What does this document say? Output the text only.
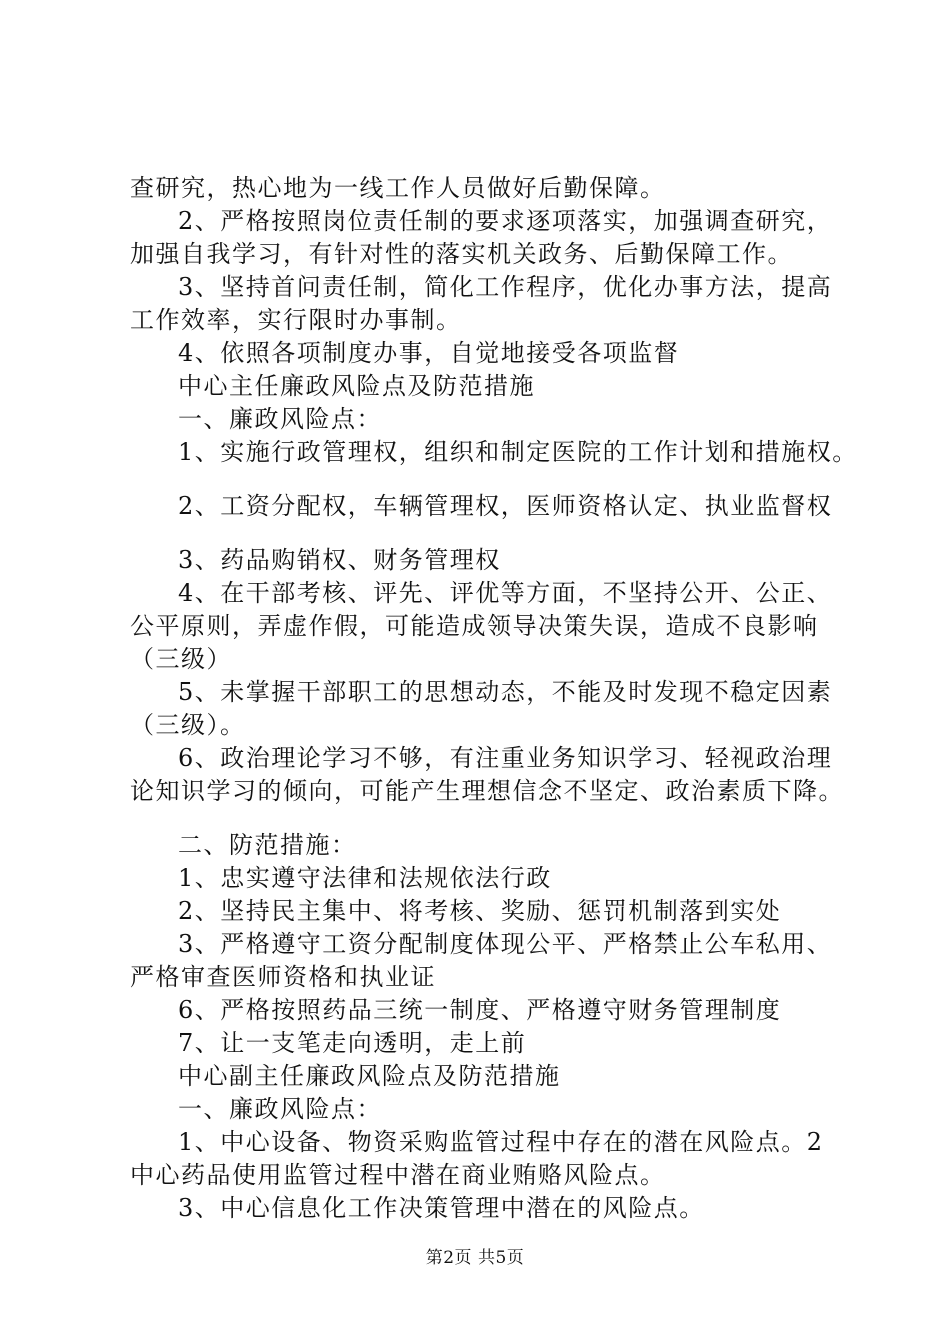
查研究，热心地为一线工作人员做好后勤保障。
2、严格按照岗位责任制的要求逐项落实，加强调查研究，
加强自我学习，有针对性的落实机关政务、后勤保障工作。
3、坚持首问责任制，简化工作程序，优化办事方法，提高
工作效率，实行限时办事制。
4、依照各项制度办事，自觉地接受各项监督
中心主任廉政风险点及防范措施
一、廉政风险点：
1、实施行政管理权，组织和制定医院的工作计划和措施权。
2、工资分配权，车辆管理权，医师资格认定、执业监督权
3、药品购销权、财务管理权
4、在干部考核、评先、评优等方面，不坚持公开、公正、
公平原则，弄虚作假，可能造成领导决策失误，造成不良影响
（三级）
5、未掌握干部职工的思想动态，不能及时发现不稳定因素
（三级）。
6、政治理论学习不够，有注重业务知识学习、轻视政治理
论知识学习的倾向，可能产生理想信念不坚定、政治素质下降。
二、防范措施：
1、忠实遵守法律和法规依法行政
2、坚持民主集中、将考核、奖励、惩罚机制落到实处
3、严格遵守工资分配制度体现公平、严格禁止公车私用、
严格审查医师资格和执业证
6、严格按照药品三统一制度、严格遵守财务管理制度
7、让一支笔走向透明，走上前
中心副主任廉政风险点及防范措施
一、廉政风险点：
1、中心设备、物资采购监管过程中存在的潜在风险点。2
中心药品使用监管过程中潜在商业贿赂风险点。
3、中心信息化工作决策管理中潜在的风险点。
第2页 共5页
